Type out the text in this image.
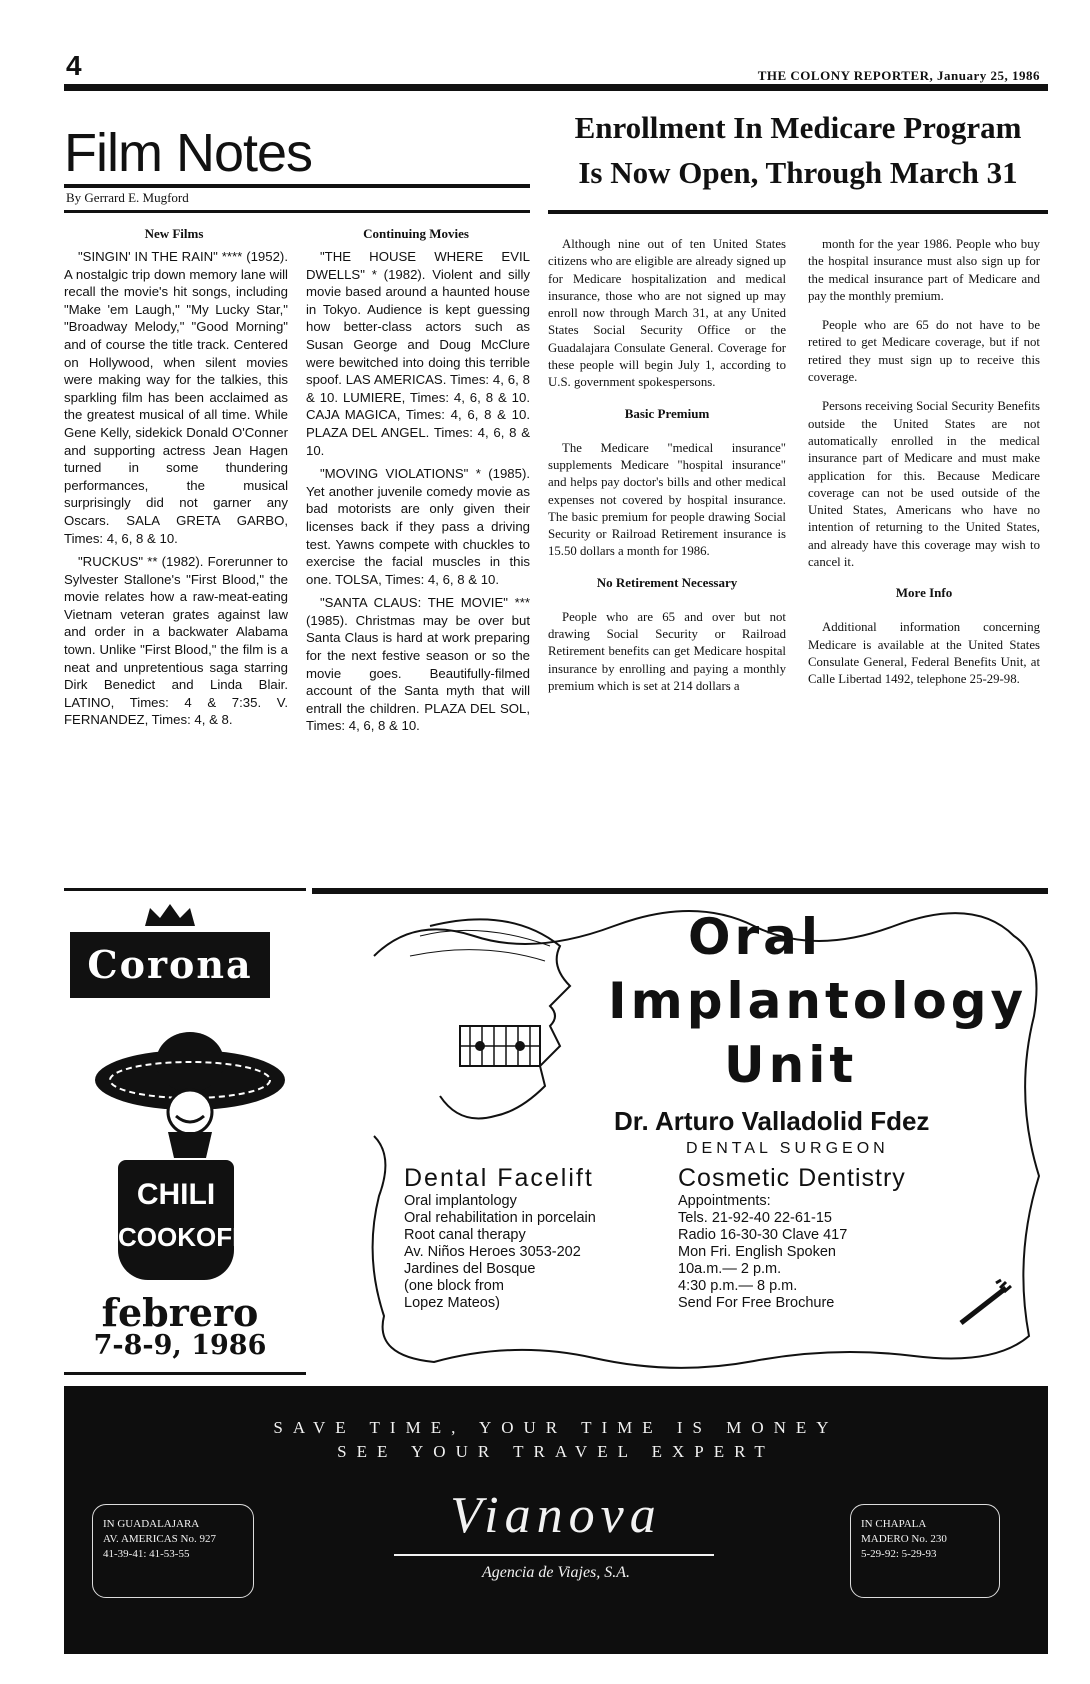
4	THE COLONY REPORTER, January 25, 1986
Film Notes
By Gerrard E. Mugford
New Films

"SINGIN' IN THE RAIN" **** (1952). A nostalgic trip down memory lane will recall the movie's hit songs, including "Make 'em Laugh," "My Lucky Star," "Broadway Melody," "Good Morning" and of course the title track. Centered on Hollywood, when silent movies were making way for the talkies, this sparkling film has been acclaimed as the greatest musical of all time. While Gene Kelly, sidekick Donald O'Conner and supporting actress Jean Hagen turned in some thundering performances, the musical surprisingly did not garner any Oscars. SALA GRETA GARBO, Times: 4, 6, 8 & 10.

"RUCKUS" ** (1982). Forerunner to Sylvester Stallone's "First Blood," the movie relates how a raw-meat-eating Vietnam veteran grates against law and order in a backwater Alabama town. Unlike "First Blood," the film is a neat and unpretentious saga starring Dirk Benedict and Linda Blair. LATINO, Times: 4 & 7:35. V. FERNANDEZ, Times: 4, & 8.

Continuing Movies

"THE HOUSE WHERE EVIL DWELLS" * (1982). Violent and silly movie based around a haunted house in Tokyo. Audience is kept guessing how better-class actors such as Susan George and Doug McClure were bewitched into doing this terrible spoof. LAS AMERICAS. Times: 4, 6, 8 & 10. LUMIERE, Times: 4, 6, 8 & 10. CAJA MAGICA, Times: 4, 6, 8 & 10. PLAZA DEL ANGEL. Times: 4, 6, 8 & 10.

"MOVING VIOLATIONS" * (1985). Yet another juvenile comedy movie as bad motorists are only given their licenses back if they pass a driving test. Yawns compete with chuckles to exercise the facial muscles in this one. TOLSA, Times: 4, 6, 8 & 10.

"SANTA CLAUS: THE MOVIE" *** (1985). Christmas may be over but Santa Claus is hard at work preparing for the next festive season or so the movie goes. Beautifully-filmed account of the Santa myth that will entrall the children. PLAZA DEL SOL, Times: 4, 6, 8 & 10.

Enrollment In Medicare Program
Is Now Open, Through March 31

Although nine out of ten United States citizens who are eligible are already signed up for Medicare hospitalization and medical insurance, those who are not signed up may enroll now through March 31, at any United States Social Security Office or the Guadalajara Consulate General. Coverage for these people will begin July 1, according to U.S. government spokespersons.

Basic Premium

The Medicare "medical insurance" supplements Medicare "hospital insurance" and helps pay doctor's bills and other medical expenses not covered by hospital insurance. The basic premium for people drawing Social Security or Railroad Retirement insurance is 15.50 dollars a month for 1986.

No Retirement Necessary

People who are 65 and over but not drawing Social Security or Railroad Retirement benefits can get Medicare hospital insurance by enrolling and paying a monthly premium which is set at 214 dollars a

month for the year 1986. People who buy the hospital insurance must also sign up for the medical insurance part of Medicare and pay the monthly premium.

People who are 65 do not have to be retired to get Medicare coverage, but if not retired they must sign up to receive this coverage.

Persons receiving Social Security Benefits outside the United States are not automatically enrolled in the medical insurance part of Medicare and must make application for this. Because Medicare coverage can not be used outside of the United States, Americans who have no intention of returning to the United States, and already have this coverage may wish to cancel it.

More Info

Additional information concerning Medicare is available at the United States Consulate General, Federal Benefits Unit, at Calle Libertad 1492, telephone 25-29-98.

Corona
CHILI
COOKOFF
febrero
7-8-9, 1986
Oral
Implantology
Unit
Dr. Arturo Valladolid Fdez
DENTAL SURGEON
Dental Facelift
Oral implantology
Oral rehabilitation in porcelain
Root canal therapy
Av. Niños Heroes 3053-202
Jardines del Bosque
(one block from
Lopez Mateos)
Cosmetic Dentistry
Appointments:
Tels. 21-92-40 22-61-15
Radio 16-30-30 Clave 417
Mon Fri. English Spoken
10a.m.— 2 p.m.
4:30 p.m.— 8 p.m.
Send For Free Brochure
SAVE TIME, YOUR TIME IS MONEY
SEE YOUR TRAVEL EXPERT
Vianova
Agencia de Viajes, S.A.
IN GUADALAJARA
AV. AMERICAS No. 927
41-39-41: 41-53-55
IN CHAPALA
MADERO No. 230
5-29-92: 5-29-93
